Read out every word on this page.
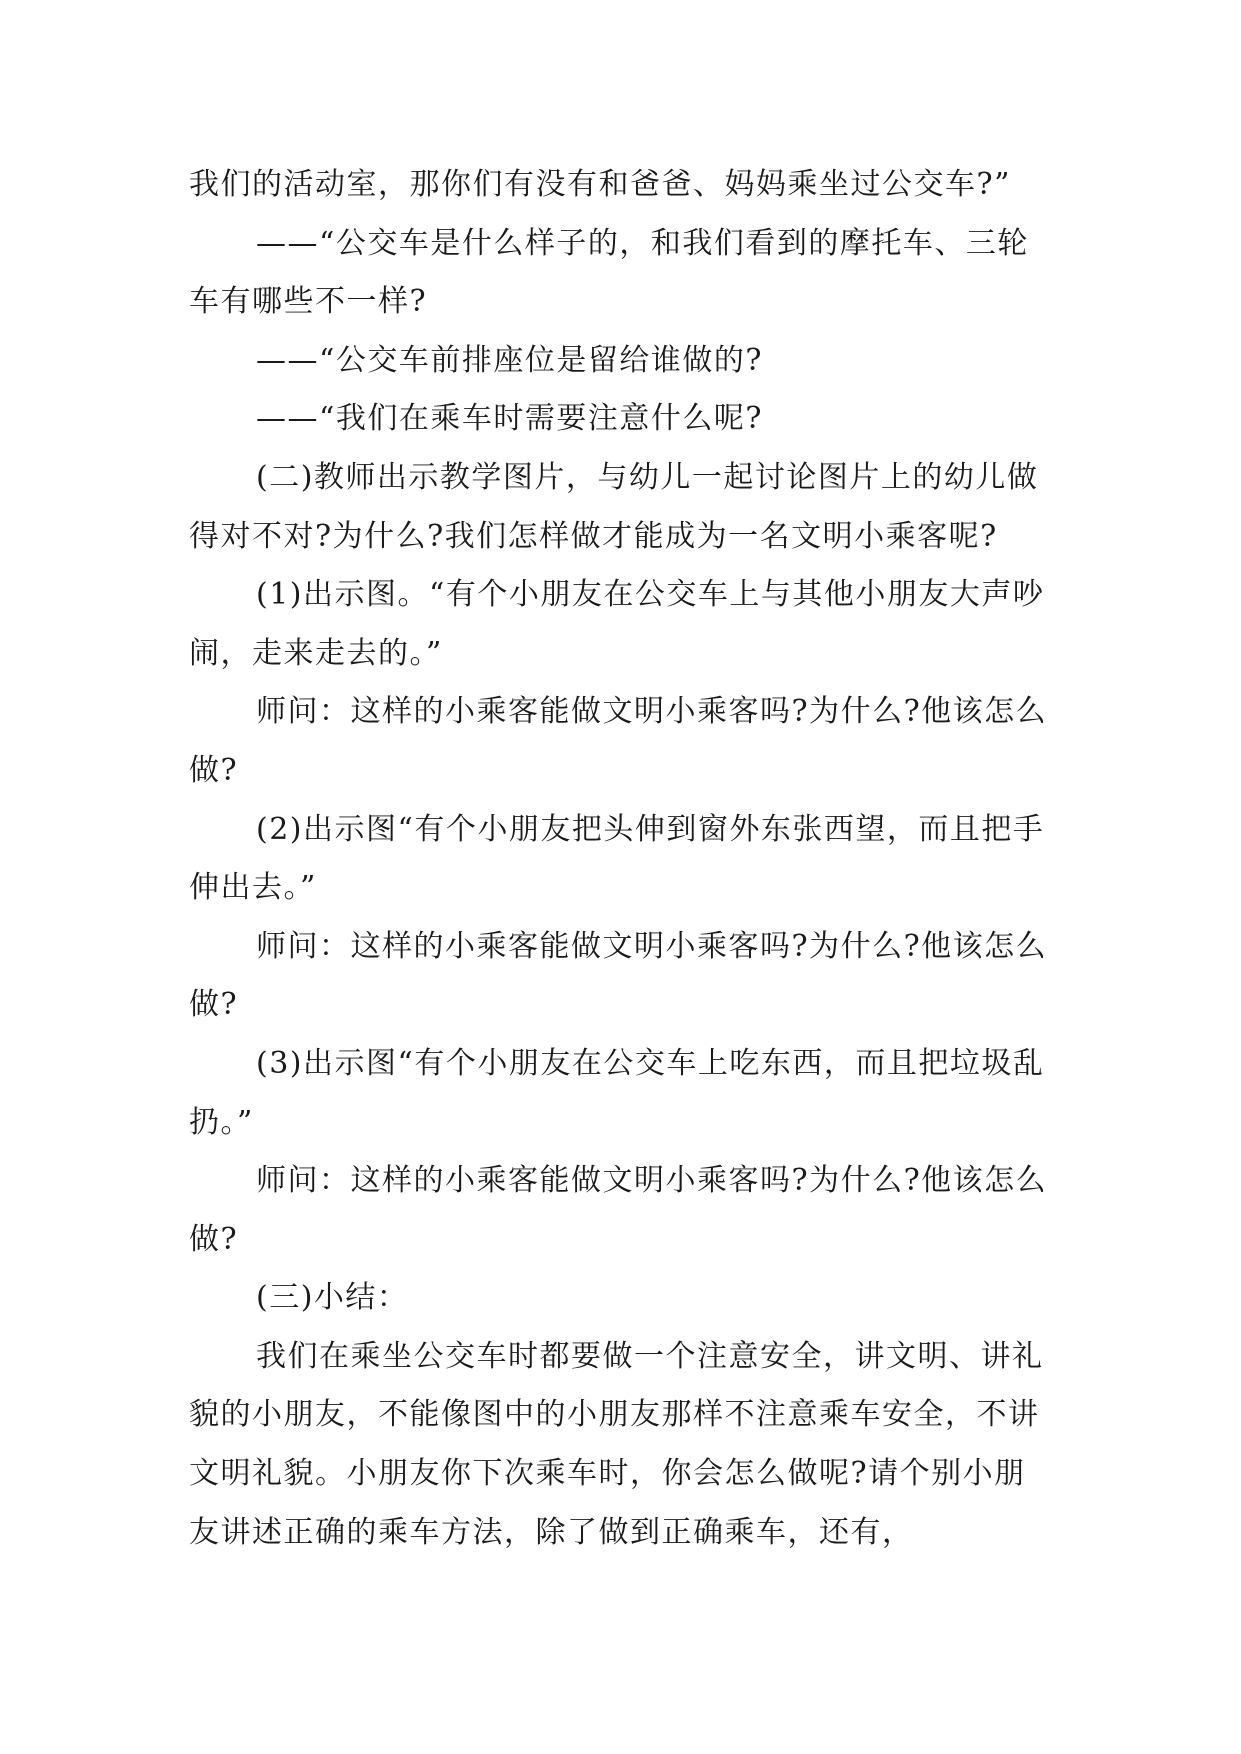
我们的活动室，那你们有没有和爸爸、妈妈乘坐过公交车?”

——“公交车是什么样子的，和我们看到的摩托车、三轮车有哪些不一样?

——“公交车前排座位是留给谁做的?

——“我们在乘车时需要注意什么呢?

(二)教师出示教学图片，与幼儿一起讨论图片上的幼儿做得对不对?为什么?我们怎样做才能成为一名文明小乘客呢?

(1)出示图。“有个小朋友在公交车上与其他小朋友大声吵闹，走来走去的。”

师问：这样的小乘客能做文明小乘客吗?为什么?他该怎么做?

(2)出示图“有个小朋友把头伸到窗外东张西望，而且把手伸出去。”

师问：这样的小乘客能做文明小乘客吗?为什么?他该怎么做?

(3)出示图“有个小朋友在公交车上吃东西，而且把垃圾乱扔。”

师问：这样的小乘客能做文明小乘客吗?为什么?他该怎么做?

(三)小结：

我们在乘坐公交车时都要做一个注意安全，讲文明、讲礼貌的小朋友，不能像图中的小朋友那样不注意乘车安全，不讲文明礼貌。小朋友你下次乘车时，你会怎么做呢?请个别小朋友讲述正确的乘车方法，除了做到正确乘车，还有，
